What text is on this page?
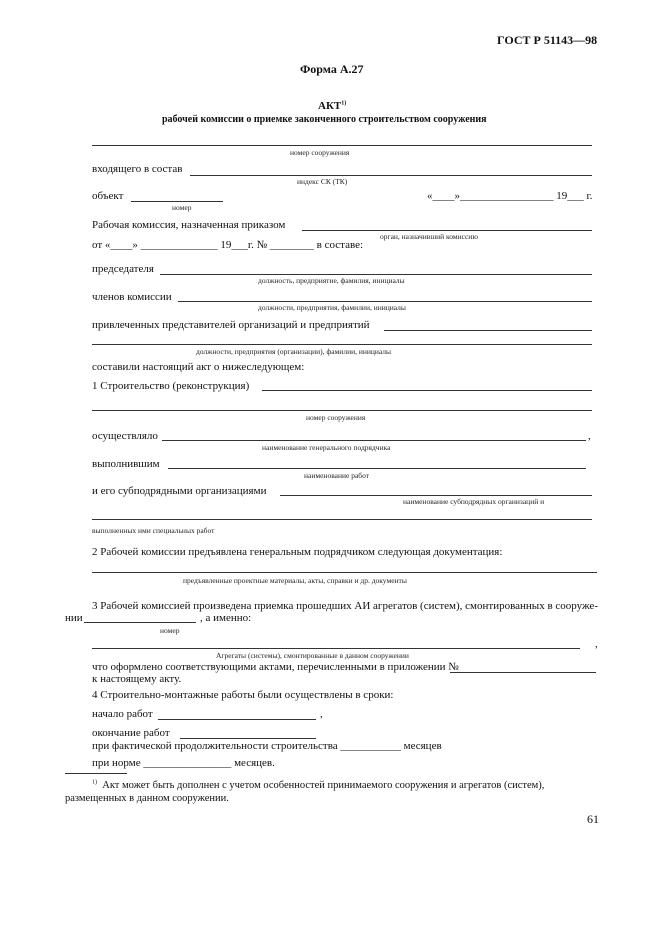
ГОСТ Р 51143—98
Форма А.27
АКТ$^{1)}$
рабочей комиссии о приемке законченного строительством сооружения
номер сооружения
входящего в состав
индекс СК (ТК)
объект
номер
«____»_________________ 19___ г.
Рабочая комиссия, назначенная приказом
орган, назначивший комиссию
от «____» ______________ 19___г. № ________ в составе:
председателя
должность, предприятие, фамилия, инициалы
членов комиссии
должности, предприятия, фамилии, инициалы
привлеченных представителей организаций и предприятий
должности, предприятия (организации), фамилии, инициалы
составили настоящий акт о нижеследующем:
1 Строительство (реконструкция)
номер сооружения
осуществляло	,
наименование генерального подрядчика
выполнившим
наименование работ
и его субподрядными организациями
наименование субподрядных организаций и
выполненных ими специальных работ
2 Рабочей комиссии предъявлена генеральным подрядчиком следующая документация:
предъявленные проектные материалы, акты, справки и др. документы
3 Рабочей комиссией произведена приемка прошедших АИ агрегатов (систем), смонтированных в сооруже-
нии	, а именно:
номер
,
Агрегаты (системы), смонтированные в данном сооружении
что оформлено соответствующими актами, перечисленными в приложении №
к настоящему акту.
4 Строительно-монтажные работы были осуществлены в сроки:
начало работ	,
окончание работ
при фактической продолжительности строительства ___________ месяцев
при норме ________________ месяцев.
$^{1)}$ Акт может быть дополнен с учетом особенностей принимаемого сооружения и агрегатов (систем),
размещенных в данном сооружении.
61
